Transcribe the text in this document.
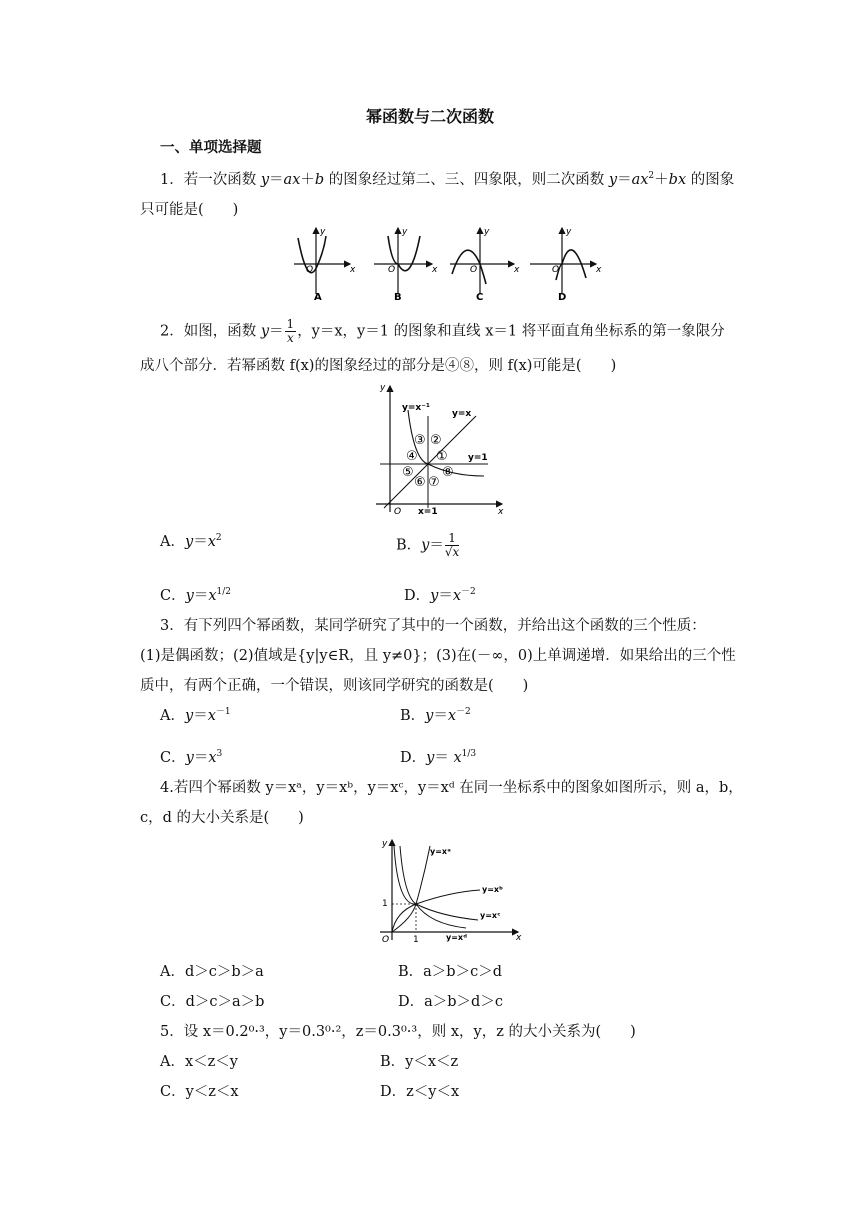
幂函数与二次函数
一、单项选择题
1．若一次函数 y＝ax＋b 的图象经过第二、三、四象限，则二次函数 $y=ax^2+bx$ 的图象
只可能是(　　)
x
y
O
A
x
y
O
B
x
y
O
C
x
y
O
D
2．如图，函数 $y= \frac{1}{x}$ ，y＝x，y＝1 的图象和直线 x＝1 将平面直角坐标系的第一象限分
成八个部分．若幂函数 f(x)的图象经过的部分是④⑧，则 f(x)可能是(　　)
y
y=x⁻¹
y=x
y=1
x=1
O	x
①
②
③
④
⑤
⑥ ⑦
⑧
A．$y=x^2$	B．$y= \frac{1}{√x}$
C．$y=x^{1/2}$	D．$y=x^{-2}$
3．有下列四个幂函数，某同学研究了其中的一个函数，并给出这个函数的三个性质：
(1)是偶函数；(2)值域是{y|y∈R，且 y≠0}；(3)在(－∞，0)上单调递增．如果给出的三个性
质中，有两个正确，一个错误，则该同学研究的函数是(　　)
A．$y=x^{-1}$	B．$y=x^{-2}$
C．$y=x^3$	D．$y= x^{1/3}$
4.若四个幂函数 y＝xᵃ，y＝xᵇ，y＝xᶜ，y＝xᵈ 在同一坐标系中的图象如图所示，则 a，b，
c，d 的大小关系是(　　)
y
y=xᵃ
y=xᵇ
y=xᶜ
y=xᵈ
1
1
O	x
A．d＞c＞b＞a	B．a＞b＞c＞d
C．d＞c＞a＞b	D．a＞b＞d＞c
5．设 x＝0.2⁰·³，y＝0.3⁰·²，z＝0.3⁰·³，则 x，y，z 的大小关系为(　　)
A．x＜z＜y	B．y＜x＜z
C．y＜z＜x	D．z＜y＜x
